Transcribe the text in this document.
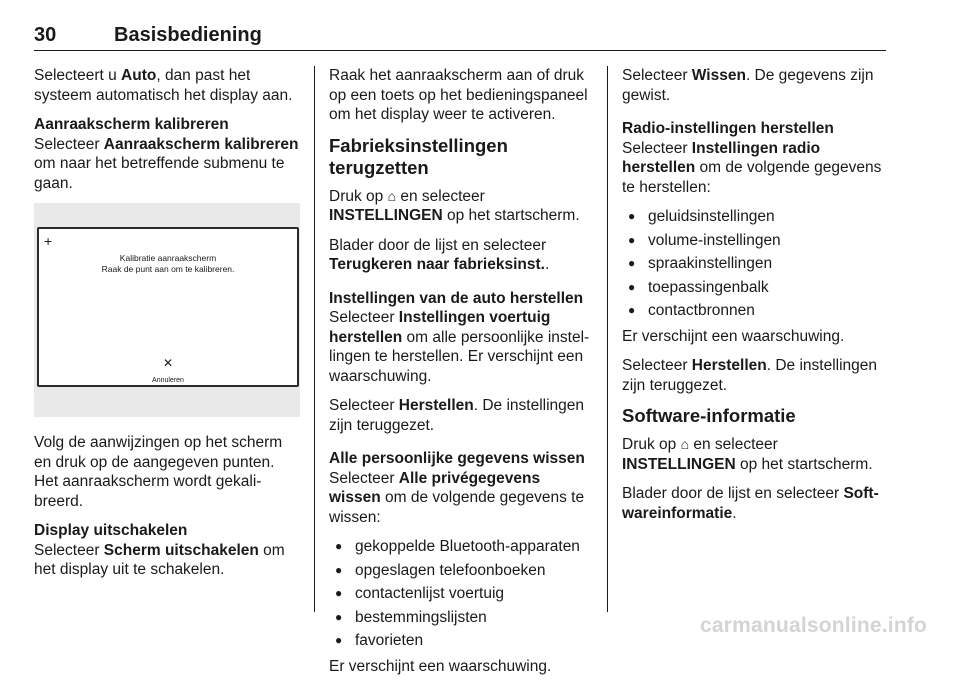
30	Basisbediening

Selecteert u Auto, dan past het systeem automatisch het display aan.

Aanraakscherm kalibreren

Selecteer Aanraakscherm kalibreren om naar het betreffende submenu te gaan.

+
Kalibratie aanraakscherm
Raak de punt aan om te kalibreren.
✕
Annuleren

Volg de aanwijzingen op het scherm en druk op de aangegeven punten. Het aanraakscherm wordt gekali-breerd.

Display uitschakelen

Selecteer Scherm uitschakelen om het display uit te schakelen.

Raak het aanraakscherm aan of druk op een toets op het bedieningspaneel om het display weer te activeren.

Fabrieksinstellingen terugzetten

Druk op ⌂ en selecteer
INSTELLINGEN op het startscherm.

Blader door de lijst en selecteer Terugkeren naar fabrieksinst..

Instellingen van de auto herstellen

Selecteer Instellingen voertuig herstellen om alle persoonlijke instel-lingen te herstellen. Er verschijnt een waarschuwing.

Selecteer Herstellen. De instellingen zijn teruggezet.

Alle persoonlijke gegevens wissen

Selecteer Alle privégegevens wissen om de volgende gegevens te wissen:

● gekoppelde Bluetooth-apparaten
● opgeslagen telefoonboeken
● contactenlijst voertuig
● bestemmingslijsten
● favorieten

Er verschijnt een waarschuwing.

Selecteer Wissen. De gegevens zijn gewist.

Radio-instellingen herstellen

Selecteer Instellingen radio herstellen om de volgende gegevens te herstellen:

● geluidsinstellingen
● volume-instellingen
● spraakinstellingen
● toepassingenbalk
● contactbronnen

Er verschijnt een waarschuwing.

Selecteer Herstellen. De instellingen zijn teruggezet.

Software-informatie

Druk op ⌂ en selecteer
INSTELLINGEN op het startscherm.

Blader door de lijst en selecteer Soft-wareinformatie.

carmanualsonline.info
